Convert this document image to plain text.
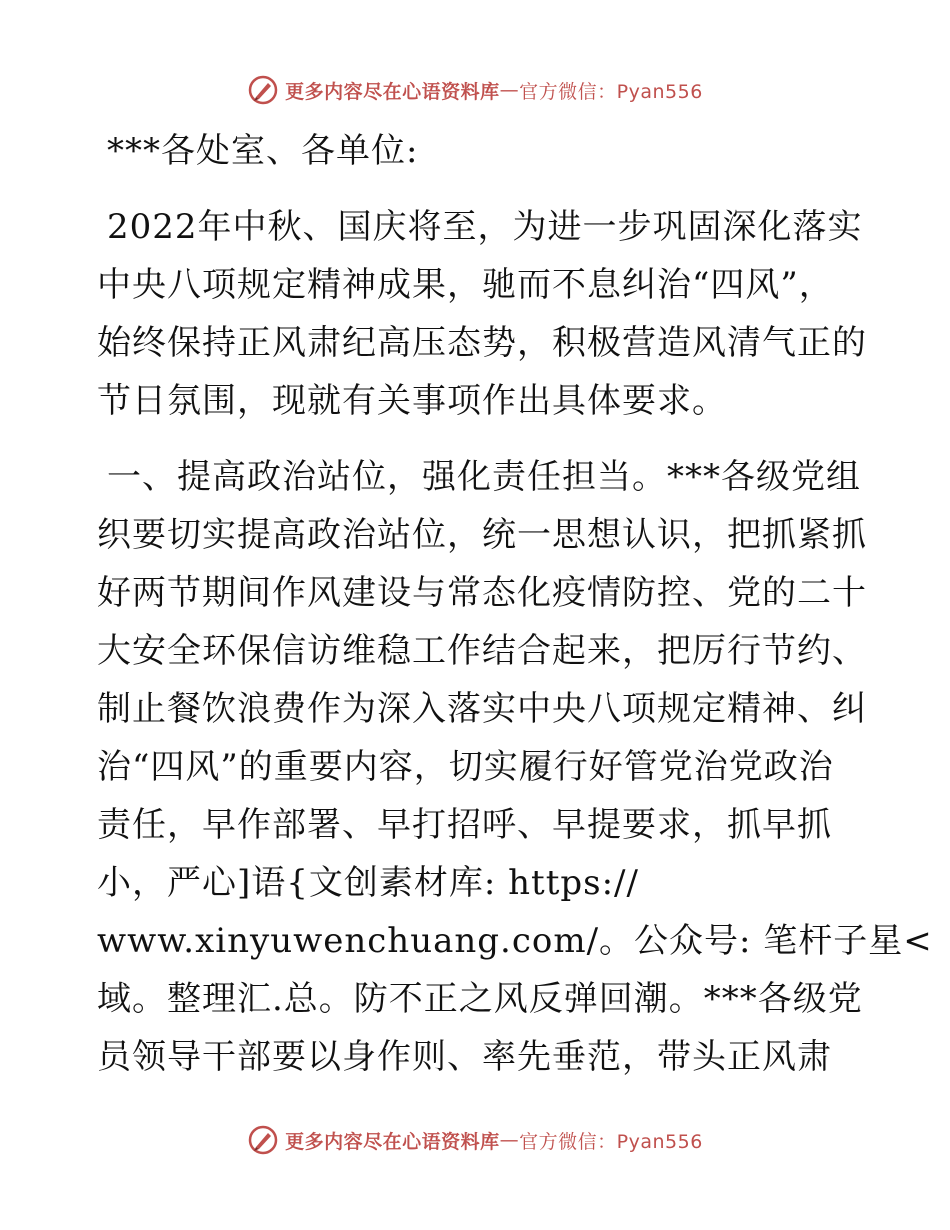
更多内容尽在心语资料库 — 官方微信：Pyan556
***各处室、各单位:
2022年中秋、国庆将至，为进一步巩固深化落实
中央八项规定精神成果，驰而不息纠治“四风”，
始终保持正风肃纪高压态势，积极营造风清气正的
节日氛围，现就有关事项作出具体要求。
一、提高政治站位，强化责任担当。***各级党组
织要切实提高政治站位，统一思想认识，把抓紧抓
好两节期间作风建设与常态化疫情防控、党的二十
大安全环保信访维稳工作结合起来，把厉行节约、
制止餐饮浪费作为深入落实中央八项规定精神、纠
治“四风”的重要内容，切实履行好管党治党政治
责任，早作部署、早打招呼、早提要求，抓早抓
小，严心]语{文创素材库: https://
www.xinyuwenchuang.com/。公众号: 笔杆子星<
域。整理汇.总。防不正之风反弹回潮。***各级党
员领导干部要以身作则、率先垂范，带头正风肃
更多内容尽在心语资料库 — 官方微信：Pyan556
